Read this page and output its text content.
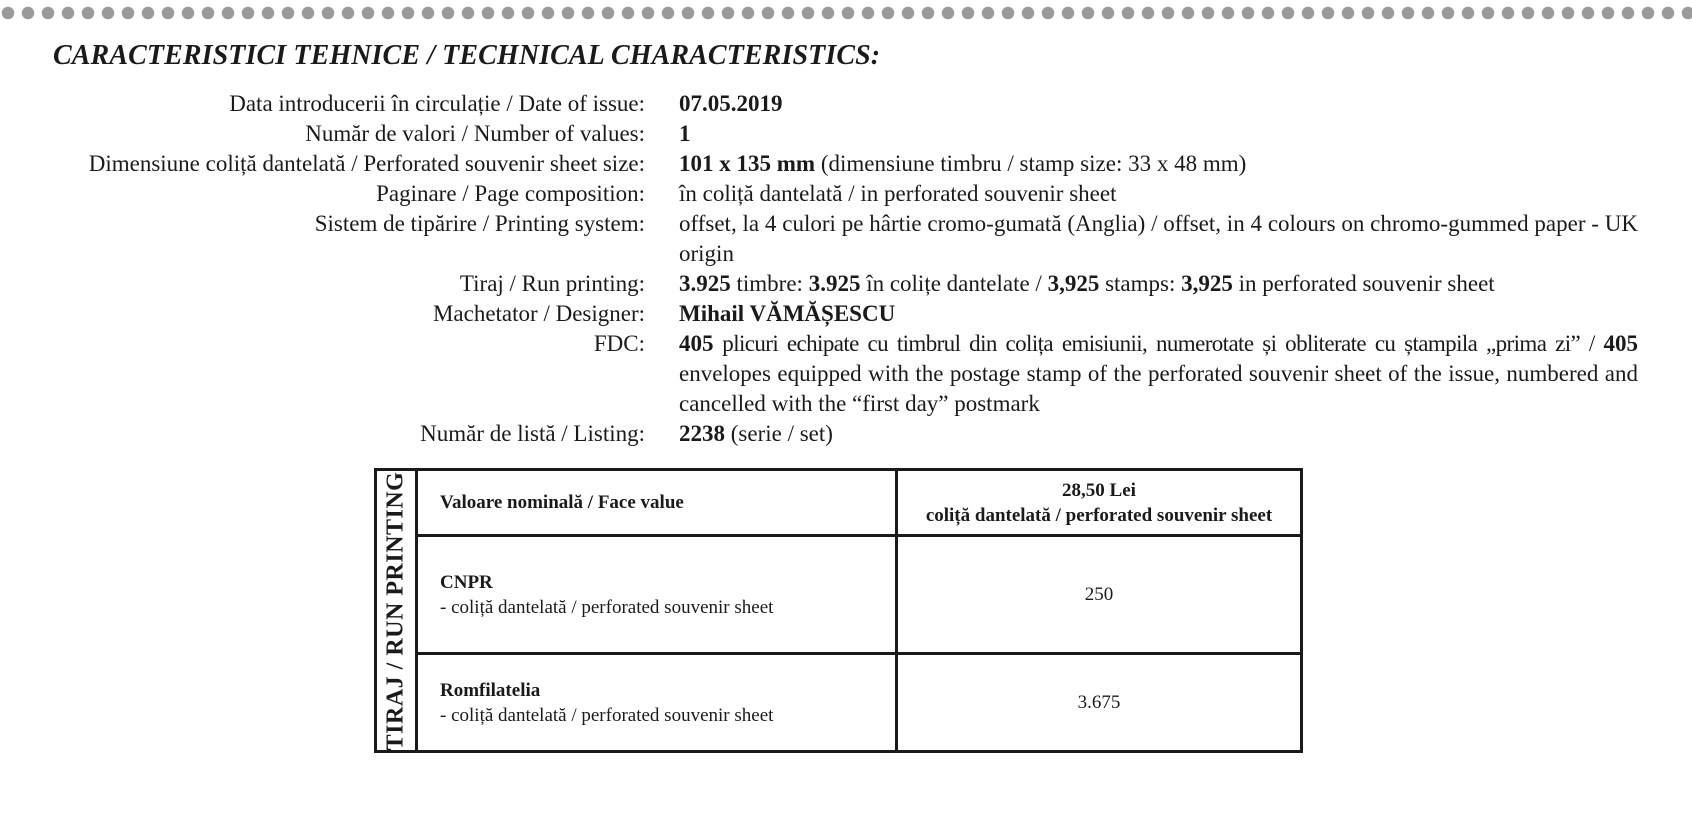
CARACTERISTICI TEHNICE / TECHNICAL CHARACTERISTICS:
Data introducerii în circulație / Date of issue: 07.05.2019
Număr de valori / Number of values: 1
Dimensiune coliță dantelată / Perforated souvenir sheet size: 101 x 135 mm (dimensiune timbru / stamp size: 33 x 48 mm)
Paginare / Page composition: în coliță dantelată / in perforated souvenir sheet
Sistem de tipărire / Printing system: offset, la 4 culori pe hârtie cromo-gumată (Anglia) / offset, in 4 colours on chromo-gummed paper - UK origin
Tiraj / Run printing: 3.925 timbre: 3.925 în colițe dantelate / 3,925 stamps: 3,925 in perforated souvenir sheet
Machetator / Designer: Mihail VĂMĂȘESCU
FDC: 405 plicuri echipate cu timbrul din colița emisiunii, numerotate și obliterate cu ștampila „prima zi” / 405 envelopes equipped with the postage stamp of the perforated souvenir sheet of the issue, numbered and cancelled with the “first day” postmark
Număr de listă / Listing: 2238 (serie / set)
TIRAJ / RUN PRINTING	Valoare nominală / Face value	28,50 Lei
coliță dantelată / perforated souvenir sheet

	CNPR
- coliță dantelată / perforated souvenir sheet	250

	Romfilatelia
- coliță dantelată / perforated souvenir sheet	3.675
